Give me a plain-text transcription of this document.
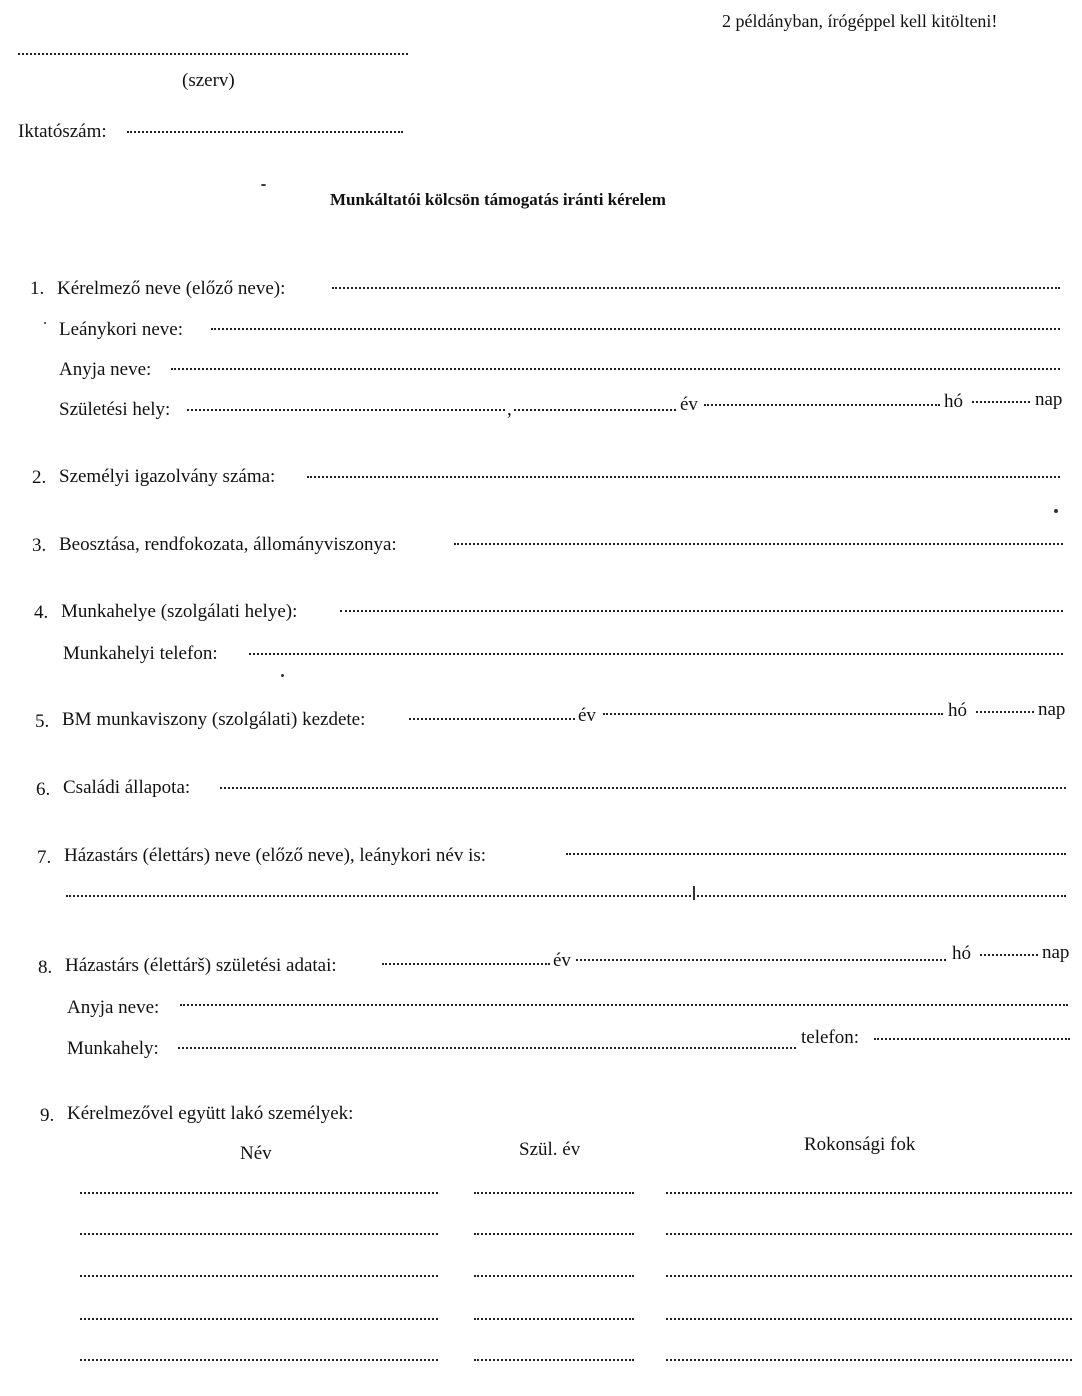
2 példányban, írógéppel kell kitölteni!
(szerv)
Iktatószám:
Munkáltatói kölcsön támogatás iránti kérelem
1. Kérelmező neve (előző neve):
Leánykori neve:
Anyja neve:
Születési hely:	,	év	hó	nap
2. Személyi igazolvány száma:
3. Beosztása, rendfokozata, állományviszonya:
4. Munkahelye (szolgálati helye):
Munkahelyi telefon:
5. BM munkaviszony (szolgálati) kezdete:	év	hó	nap
6. Családi állapota:
7. Házastárs (élettárs) neve (előző neve), leánykori név is:
8. Házastárs (élettárš) születési adatai:	év	hó	nap
Anyja neve:
Munkahely:
telefon:
9. Kérelmezővel együtt lakó személyek:
Név	Szül. év	Rokonsági fok
